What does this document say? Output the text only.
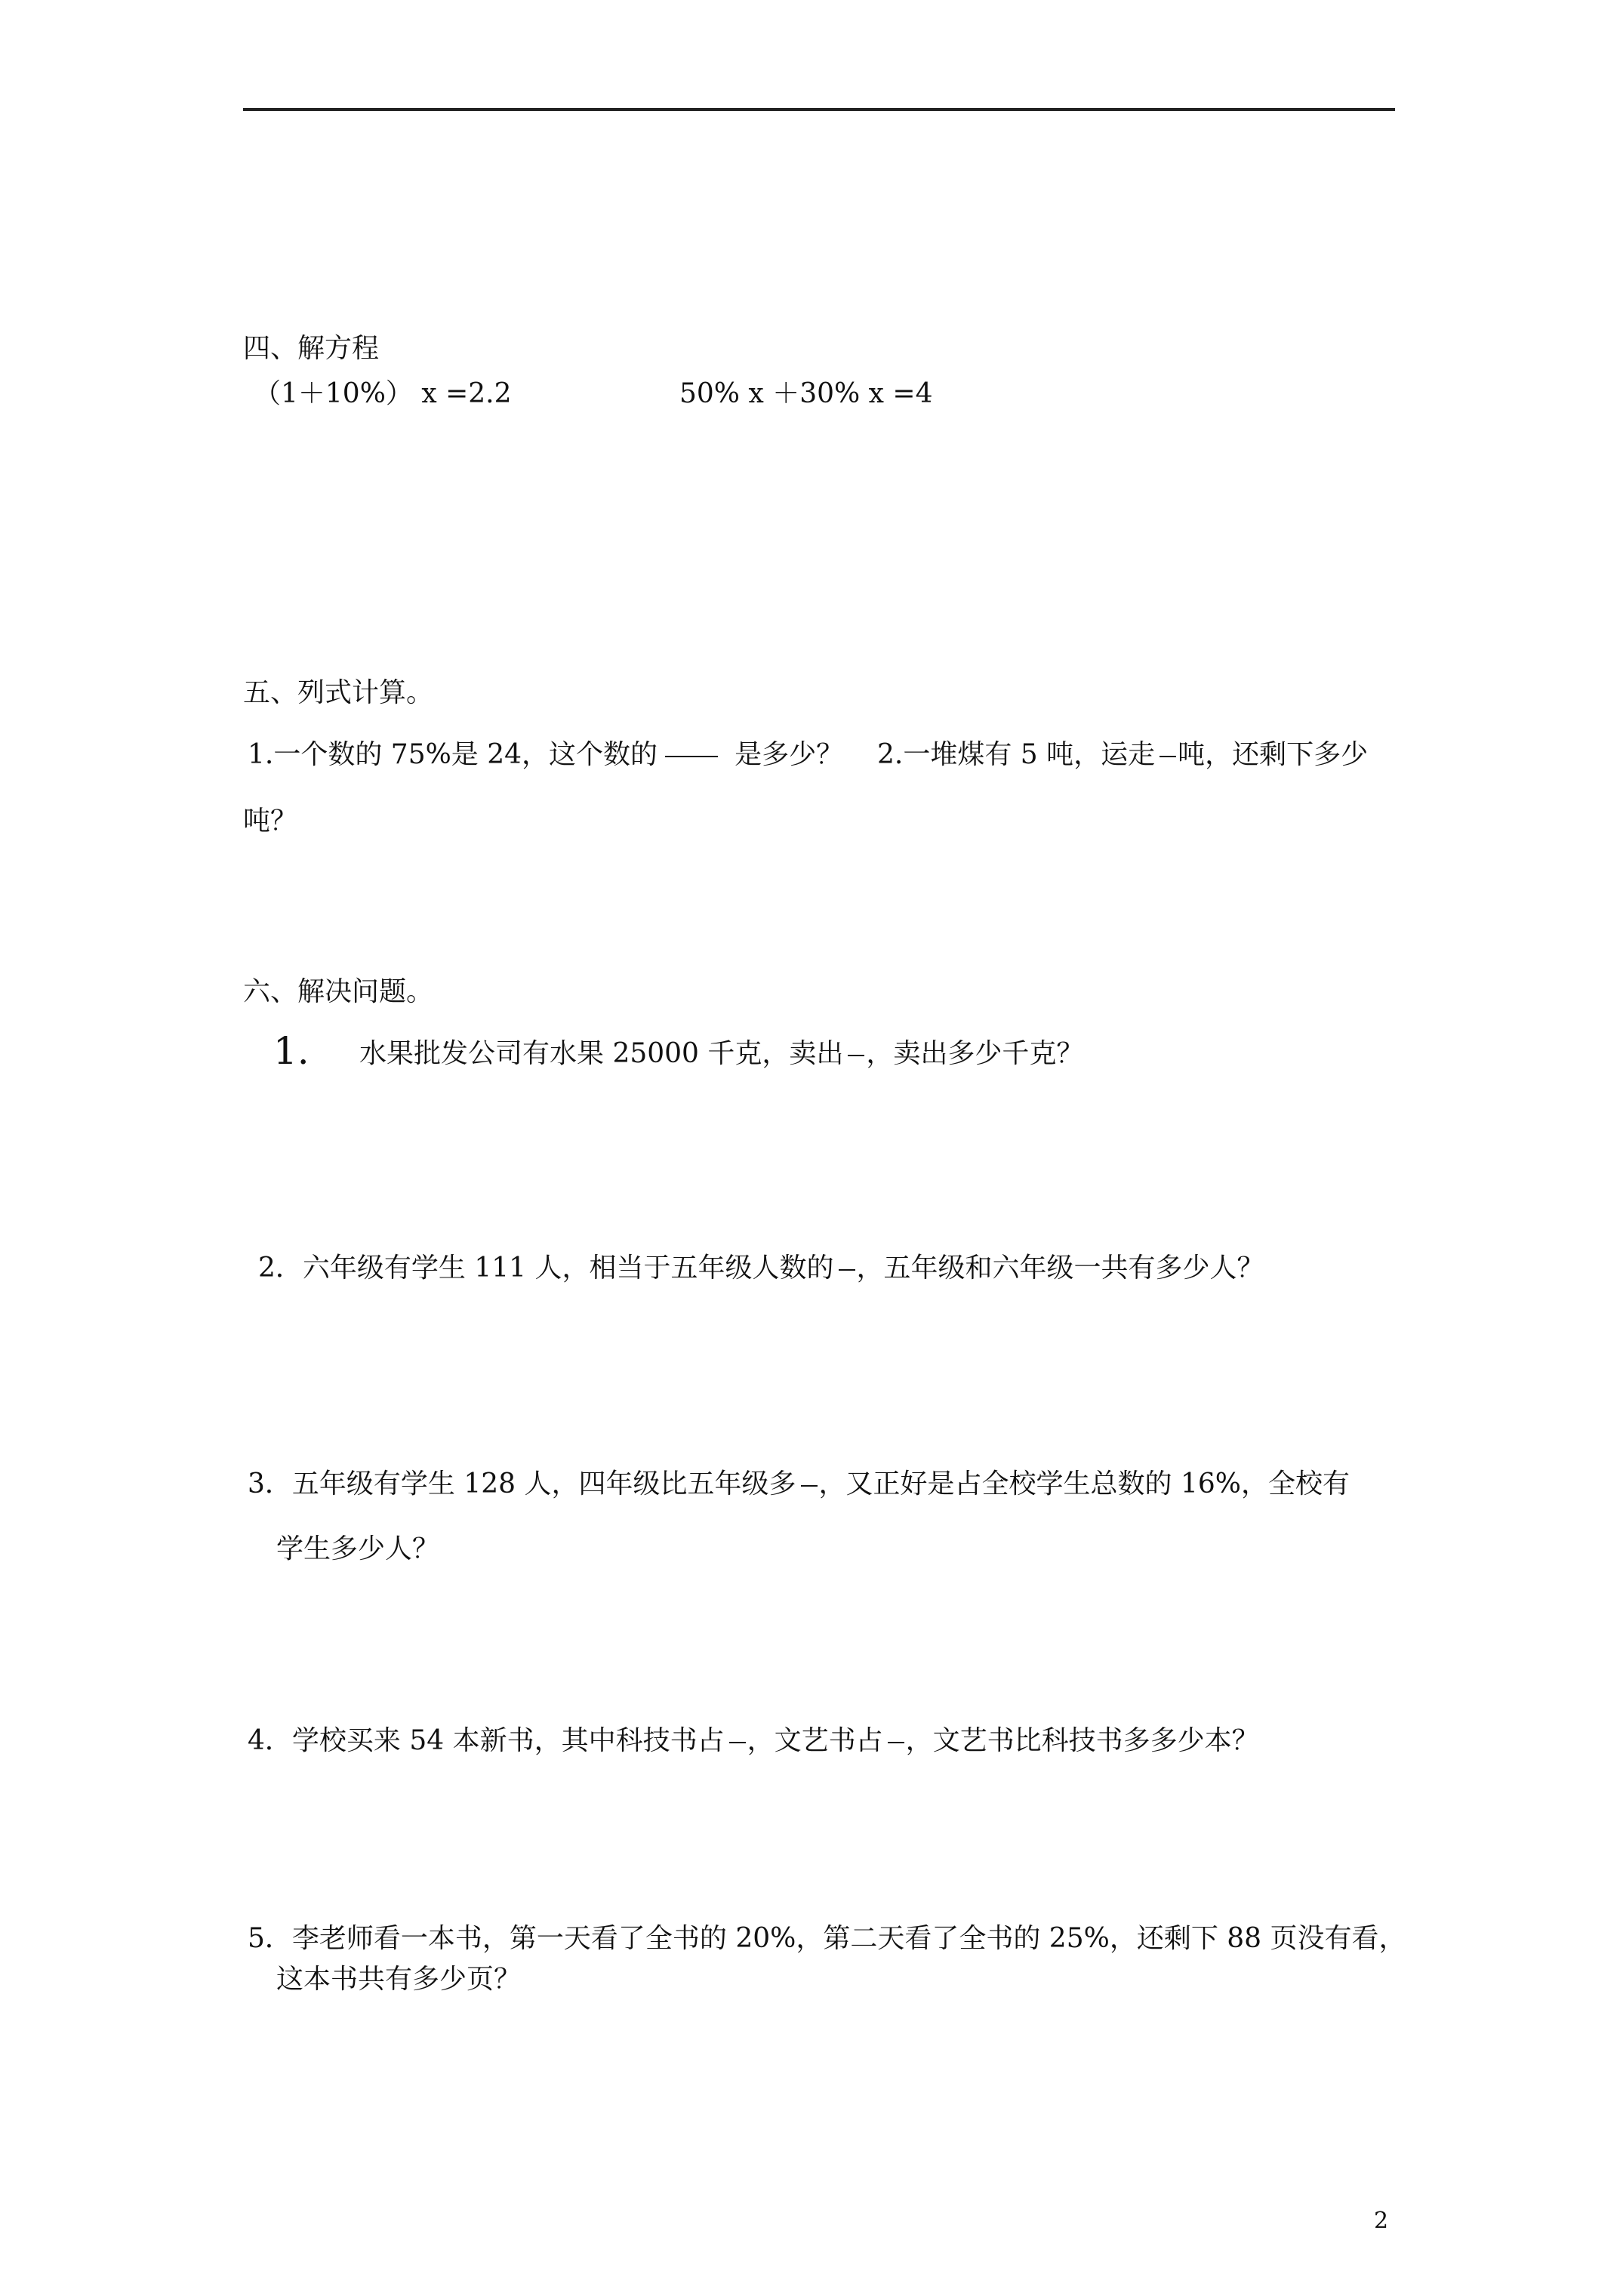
四、解方程
（1＋10%） x =2.2	50% x ＋30% x =4
五、列式计算。
1.一个数的 75%是 24，这个数的	是多少？ 2.一堆煤有 5 吨，运走 吨，还剩下多少
吨？
六、解决问题。
1. 水果批发公司有水果 25000 千克，卖出 ，卖出多少千克？
2．六年级有学生 111 人，相当于五年级人数的 ，五年级和六年级一共有多少人？
3．五年级有学生 128 人，四年级比五年级多 ，又正好是占全校学生总数的 16%，全校有
学生多少人？
4．学校买来 54 本新书，其中科技书占 ，文艺书占 ，文艺书比科技书多多少本？
5．李老师看一本书，第一天看了全书的 20%，第二天看了全书的 25%，还剩下 88 页没有看，
这本书共有多少页？
2
